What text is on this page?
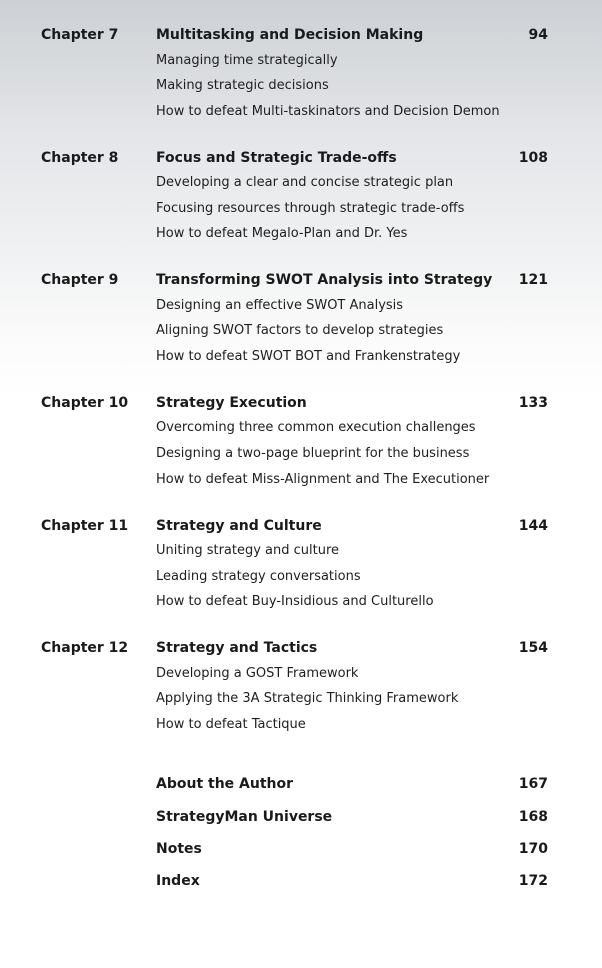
Chapter 7	Multitasking and Decision Making	94
Managing time strategically
Making strategic decisions
How to defeat Multi-taskinators and Decision Demon
Chapter 8	Focus and Strategic Trade-offs	108
Developing a clear and concise strategic plan
Focusing resources through strategic trade-offs
How to defeat Megalo-Plan and Dr. Yes
Chapter 9	Transforming SWOT Analysis into Strategy 121
Designing an effective SWOT Analysis
Aligning SWOT factors to develop strategies
How to defeat SWOT BOT and Frankenstrategy
Chapter 10 Strategy Execution	133
Overcoming three common execution challenges
Designing a two-page blueprint for the business
How to defeat Miss-Alignment and The Executioner
Chapter 11 Strategy and Culture	144
Uniting strategy and culture
Leading strategy conversations
How to defeat Buy-Insidious and Culturello
Chapter 12 Strategy and Tactics	154
Developing a GOST Framework
Applying the 3A Strategic Thinking Framework
How to defeat Tactique
About the Author	167
StrategyMan Universe	168
Notes	170
Index	172
